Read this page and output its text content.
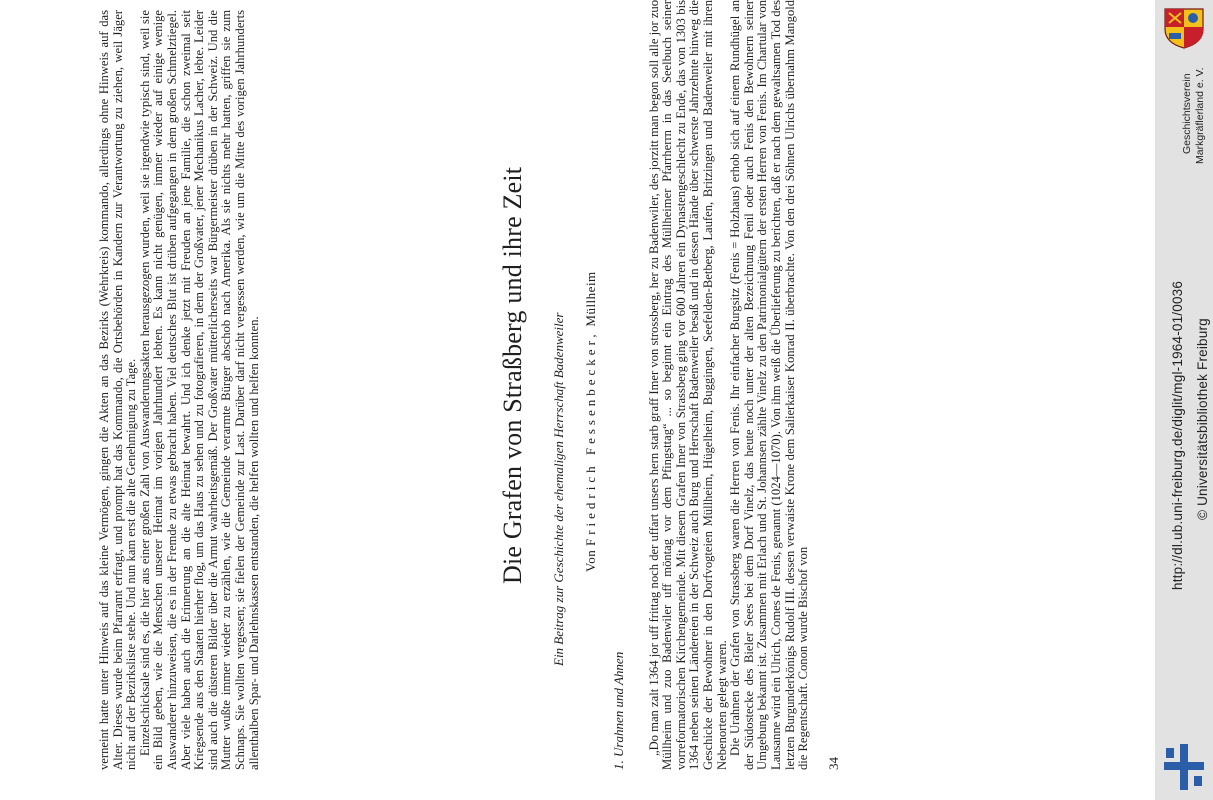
verneint hatte unter Hinweis auf das kleine Vermögen, gingen die Akten an das Bezirks (Wehrkreis) kommando, allerdings ohne Hinweis auf das Alter. Dieses wurde beim Pfarramt erfragt, und prompt hat das Kommando, die Ortsbehörden in Kandern zur Verantwortung zu ziehen, weil Jäger nicht auf der Bezirksliste stehe. Und nun kam erst die alte Genehmigung zu Tage. Einzelschicksale sind es, die hier aus einer großen Zahl von Auswanderungsakten herausgezogen wurden, weil sie irgendwie typisch sind, weil sie ein Bild geben, wie die Menschen unserer Heimat im vorigen Jahrhundert lebten. Es kann nicht genügen, immer wieder auf einige wenige Auswanderer hinzuweisen, die es in der Fremde zu etwas gebracht haben. Viel deutsches Blut ist drüben aufgegangen in dem großen Schmelztiegel. Aber viele haben auch die Erinnerung an die alte Heimat bewahrt. Und ich denke jetzt mit Freuden an jene Familie, die schon zweimal seit Kriegsende aus den Staaten hierher flog, um das Haus zu sehen und zu fotografieren, in dem der Großvater, jener Mechanikus Lacher, lebte. Leider sind auch die düsteren Bilder über die Armut wahrheitsgemäß. Der Großvater mütterlicherseits war Bürgermeister drüben in der Schweiz. Und die Mutter wußte immer wieder zu erzählen, wie die Gemeinde verarmte Bürger abschob nach Amerika. Als sie nichts mehr hatten, griffen sie zum Schnaps. Sie wollten vergessen; sie fielen der Gemeinde zur Last. Darüber darf nicht vergessen werden, wie um die Mitte des vorigen Jahrhunderts allenthalben Spar- und Darlehnskassen entstanden, die helfen wollten und helfen konnten.	Die Grafen von Straßberg und ihre Zeit Ein Beitrag zur Geschichte der ehemaligen Herrschaft Badenweiler Von Friedrich Fessenbecker, Müllheim
1. Urahnen und Ahnen „Do man zalt 1364 jor uff frittag noch der uffart unsers hern starb graff Imer von strossberg, her zu Badenwiler, des jorzitt man begon soll alle jor zuo Müllheim und zuo Badenwiler uff möntag vor dem Pfingsttag“ ... so beginnt ein Eintrag des Müllheimer Pfarrherrn in das Seelbuch seiner vorreformatorischen Kirchengemeinde. Mit diesem Grafen Imer von Strassberg ging vor 600 Jahren ein Dynastengeschlecht zu Ende, das von 1303 bis 1364 neben seinen Ländereien in der Schweiz auch Burg und Herrschaft Badenweiler besaß und in dessen Hände über schwerste Jahrzehnte hinweg die Geschicke der Bewohner in den Dorfvogteien Müllheim, Hügelheim, Buggingen, Seefelden-Betberg, Laufen, Britzingen und Badenweiler mit ihren Nebenorten gelegt waren. Die Urahnen der Grafen von Strassberg waren die Herren von Fenis. Ihr einfacher Burgsitz (Fenis = Holzhaus) erhob sich auf einem Rundhügel an der Südostecke des Bieler Sees bei dem Dorf Vinelz, das heute noch unter der alten Bezeichnung Fenil oder auch Fenis den Bewohnern seiner Umgebung bekannt ist. Zusammen mit Erlach und St. Johannsen zählte Vinelz zu den Patrimonialgütern der ersten Herren von Fenis. Im Chartular von Lausanne wird ein Ulrich, Comes de Fenis, genannt (1024—1070). Von ihm weiß die Überlieferung zu berichten, daß er nach dem gewaltsamen Tod des letzten Burgunderkönigs Rudolf III. dessen verwaiste Krone dem Salierkaiser Konrad II. überbrachte. Von den drei Söhnen Ulrichs übernahm Mangold die Regentschaft. Conon wurde Bischof von 34
Geschichtsverein Markgräflerland e. V.
http://dl.ub.uni-freiburg.de/diglit/mgl-1964-01/0036 © Universitätsbibliothek Freiburg
